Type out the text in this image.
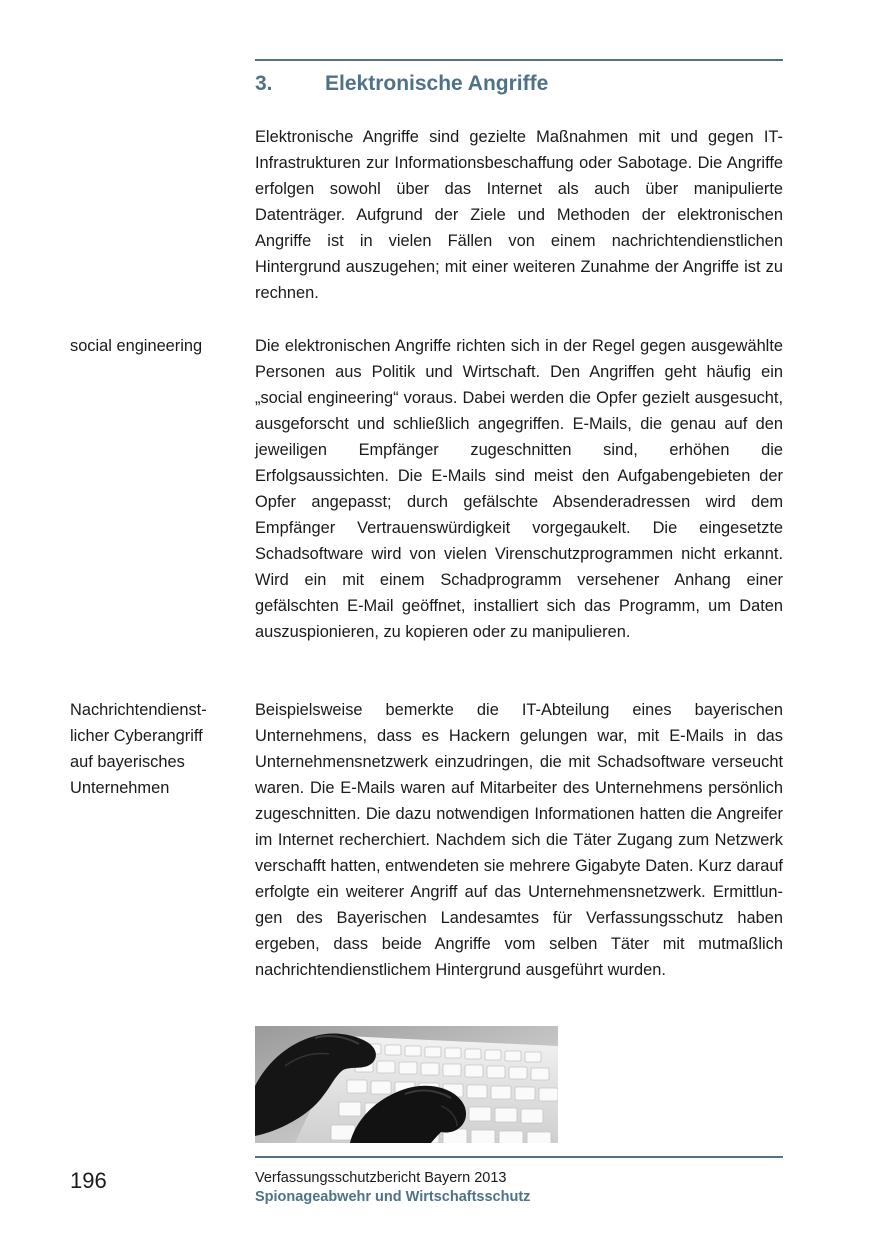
3. Elektronische Angriffe

Elektronische Angriffe sind gezielte Maßnahmen mit und gegen IT-Infrastrukturen zur Informationsbeschaffung oder Sabotage. Die Angriffe erfolgen sowohl über das Internet als auch über manipulierte Datenträger. Aufgrund der Ziele und Methoden der elektronischen Angriffe ist in vielen Fällen von einem nachrichtendienstlichen Hintergrund auszugehen; mit einer weiteren Zunahme der Angriffe ist zu rechnen.

social engineering	Die elektronischen Angriffe richten sich in der Regel gegen ausgewählte Personen aus Politik und Wirtschaft. Den Angriffen geht häufig ein „social engineering“ voraus. Dabei werden die Opfer gezielt ausgesucht, ausgeforscht und schließlich angegriffen. E-Mails, die genau auf den jeweiligen Empfänger zugeschnitten sind, erhöhen die Erfolgsaussichten. Die E-Mails sind meist den Aufgabengebieten der Opfer angepasst; durch gefälschte Absenderadressen wird dem Empfänger Vertrauenswürdigkeit vorgegaukelt. Die eingesetzte Schadsoftware wird von vielen Virenschutzprogrammen nicht erkannt. Wird ein mit einem Schadprogramm versehener Anhang einer gefälschten E-Mail geöffnet, installiert sich das Programm, um Daten auszuspionieren, zu kopieren oder zu manipulieren.

Nachrichtendienst-
licher Cyberangriff
auf bayerisches
Unternehmen

Beispielsweise bemerkte die IT-Abteilung eines bayerischen Unternehmens, dass es Hackern gelungen war, mit E-Mails in das Unternehmensnetzwerk einzudringen, die mit Schadsoftware verseucht waren. Die E-Mails waren auf Mitarbeiter des Unternehmens persönlich zugeschnitten. Die dazu notwendigen Informationen hatten die Angreifer im Internet recherchiert. Nachdem sich die Täter Zugang zum Netzwerk verschafft hatten, entwendeten sie mehrere Gigabyte Daten. Kurz darauf erfolgte ein weiterer Angriff auf das Unternehmensnetzwerk. Ermittlungen des Bayerischen Landesamtes für Verfassungsschutz haben ergeben, dass beide Angriffe vom selben Täter mit mutmaßlich nachrichtendienstlichem Hintergrund ausgeführt wurden.

196	Verfassungsschutzbericht Bayern 2013
Spionageabwehr und Wirtschaftsschutz
